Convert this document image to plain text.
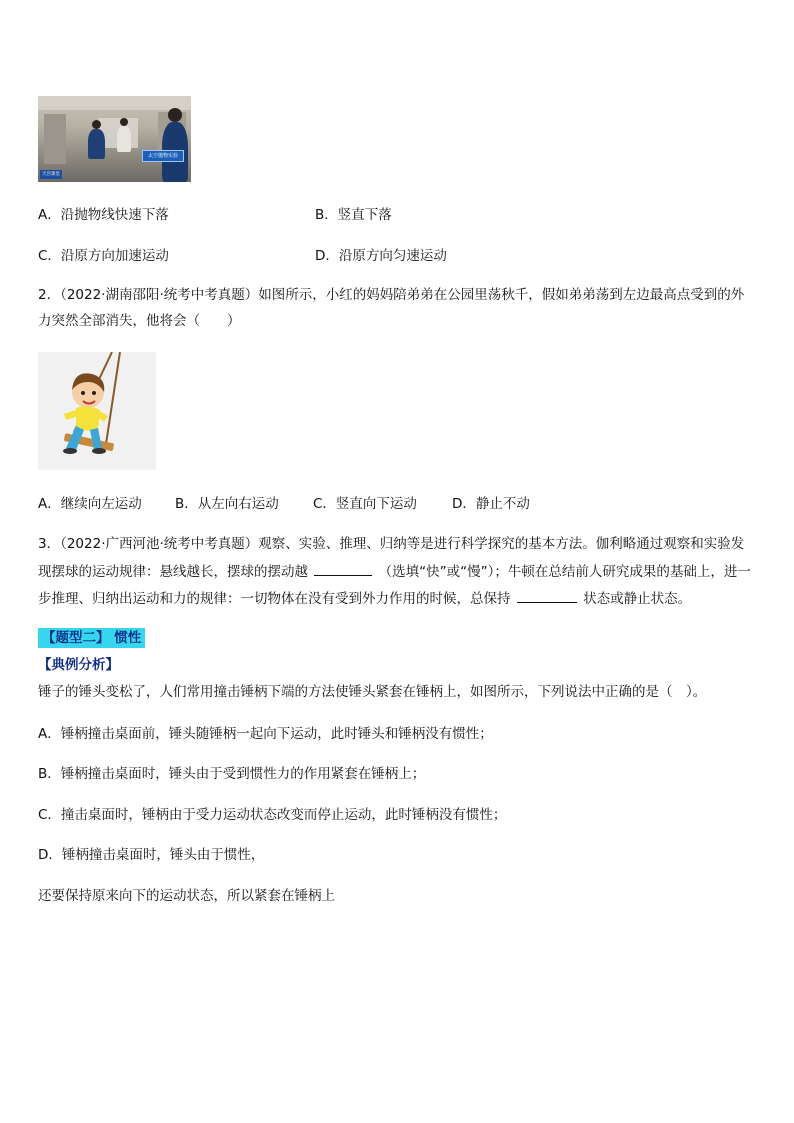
太空抛物实验
天宫课堂
A．沿抛物线快速下落	B．竖直下落
C．沿原方向加速运动	D．沿原方向匀速运动
2．（2022·湖南邵阳·统考中考真题）如图所示，小红的妈妈陪弟弟在公园里荡秋千，假如弟弟荡到左边最高点受到的外
力突然全部消失，他将会（　　）
A．继续向左运动 B．从左向右运动	C．竖直向下运动	D．静止不动
3．（2022·广西河池·统考中考真题）观察、实验、推理、归纳等是进行科学探究的基本方法。伽利略通过观察和实验发
现摆球的运动规律：悬线越长，摆球的摆动越	（选填“快”或“慢”）；牛顿在总结前人研究成果的基础上，进一
步推理、归纳出运动和力的规律：一切物体在没有受到外力作用的时候，总保持	状态或静止状态。
【题型二】 惯性
【典例分析】
锤子的锤头变松了，人们常用撞击锤柄下端的方法使锤头紧套在锤柄上，如图所示，下列说法中正确的是（　）。
A．锤柄撞击桌面前，锤头随锤柄一起向下运动，此时锤头和锤柄没有惯性；
B．锤柄撞击桌面时，锤头由于受到惯性力的作用紧套在锤柄上；
C．撞击桌面时，锤柄由于受力运动状态改变而停止运动，此时锤柄没有惯性；
D．锤柄撞击桌面时，锤头由于惯性，
还要保持原来向下的运动状态，所以紧套在锤柄上
